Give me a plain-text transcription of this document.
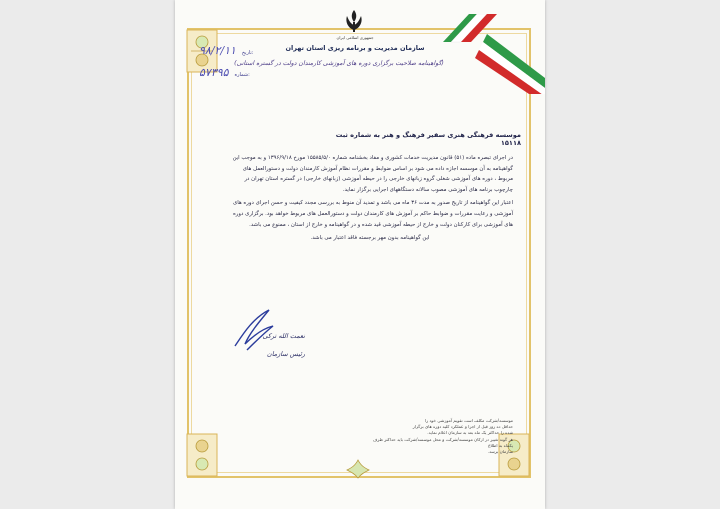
جمهوری اسلامی ایران
سازمان مدیریت و برنامه ریزی استان تهران
(گواهینامه صلاحیت برگزاری دوره های آموزشی کارمندان دولت در گستره استانی)
۹۸/۲/۱۱ تاریخ:
۵۷۳۹۵ شماره:
موسسه فرهنگی هنری سفیر فرهنگ و هنر به شماره ثبت ۱۵۱۱۸

در اجرای تبصره ماده (۵۱) قانون مدیریت خدمات کشوری و مفاد بخشنامه شماره ۱۵۵۸۵/۵/۰ مورخ ۱۳۹۶/۹/۱۸ و به موجب این گواهینامه به آن موسسه اجازه داده می شود بر اساس ضوابط و مقررات نظام آموزش کارمندان دولت و دستورالعمل های مربوط ، دوره های آموزشی شغلی گروه زبانهای خارجی را در حیطه آموزشی (زبانهای خارجی) در گستره استان تهران در چارچوب برنامه های آموزشی مصوب سالانه دستگاههای اجرایی برگزار نماید.

اعتبار این گواهینامه از تاریخ صدور به مدت ۳۶ ماه می باشد و تمدید آن منوط به بررسی مجدد کیفیت و حسن اجرای دوره های آموزشی و رعایت مقررات و ضوابط حاکم بر آموزش های کارمندان دولت و دستورالعمل های مربوط خواهد بود. برگزاری دوره های آموزشی برای کارکنان دولت و خارج از حیطه آموزشی قید شده و در گواهینامه و خارج از استان ، ممنوع می باشد.

این گواهینامه بدون مهر برجسته فاقد اعتبار می باشد.

نعمت الله ترکی
رئیس سازمان
موسسه/شرکت مکلف است تقویم آموزشی خود را
حداقل ده روز قبل از اجرا و عملکرد کلیه دوره های برگزار
شده را حداکثر یک ماه بعد به سازمان اعلام نماید.
هر گونه تغییر در ارکان موسسه/شرکت و محل موسسه/شرکت باید حداکثر ظرف یکماه به اطلاع
سازمان برسد.
